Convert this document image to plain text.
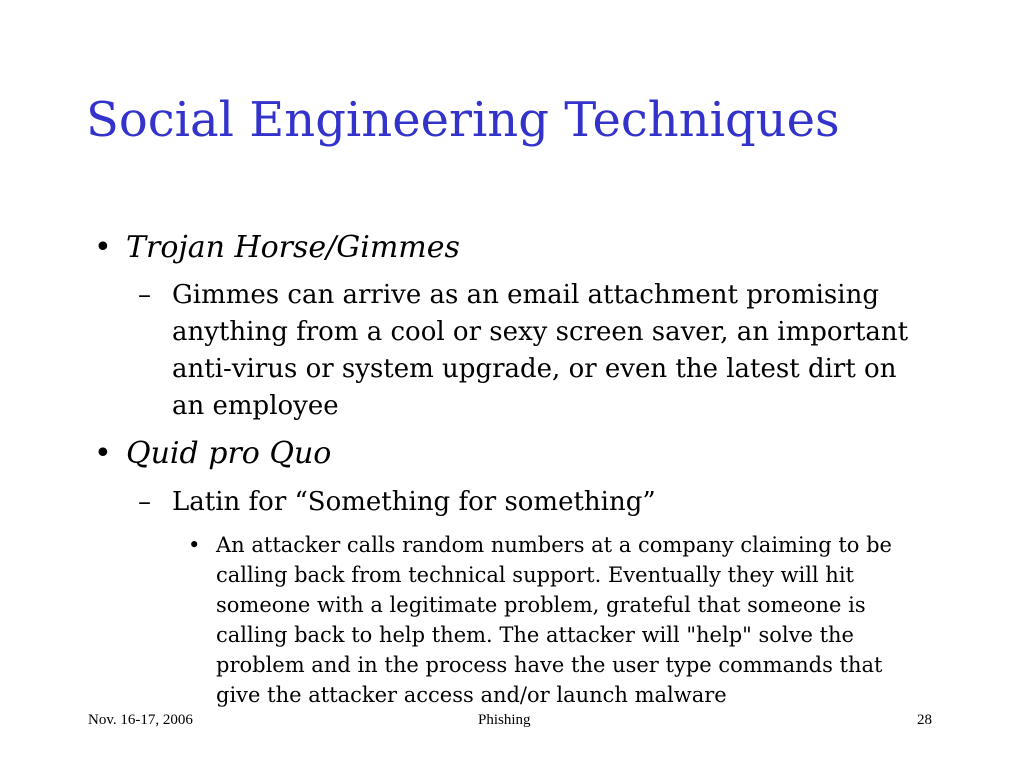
Social Engineering Techniques
• Trojan Horse/Gimmes
– Gimmes can arrive as an email attachment promising anything from a cool or sexy screen saver, an important anti-virus or system upgrade, or even the latest dirt on an employee
• Quid pro Quo
– Latin for “Something for something”
• An attacker calls random numbers at a company claiming to be calling back from technical support. Eventually they will hit someone with a legitimate problem, grateful that someone is calling back to help them. The attacker will "help" solve the problem and in the process have the user type commands that give the attacker access and/or launch malware
Nov. 16-17, 2006	Phishing	28
